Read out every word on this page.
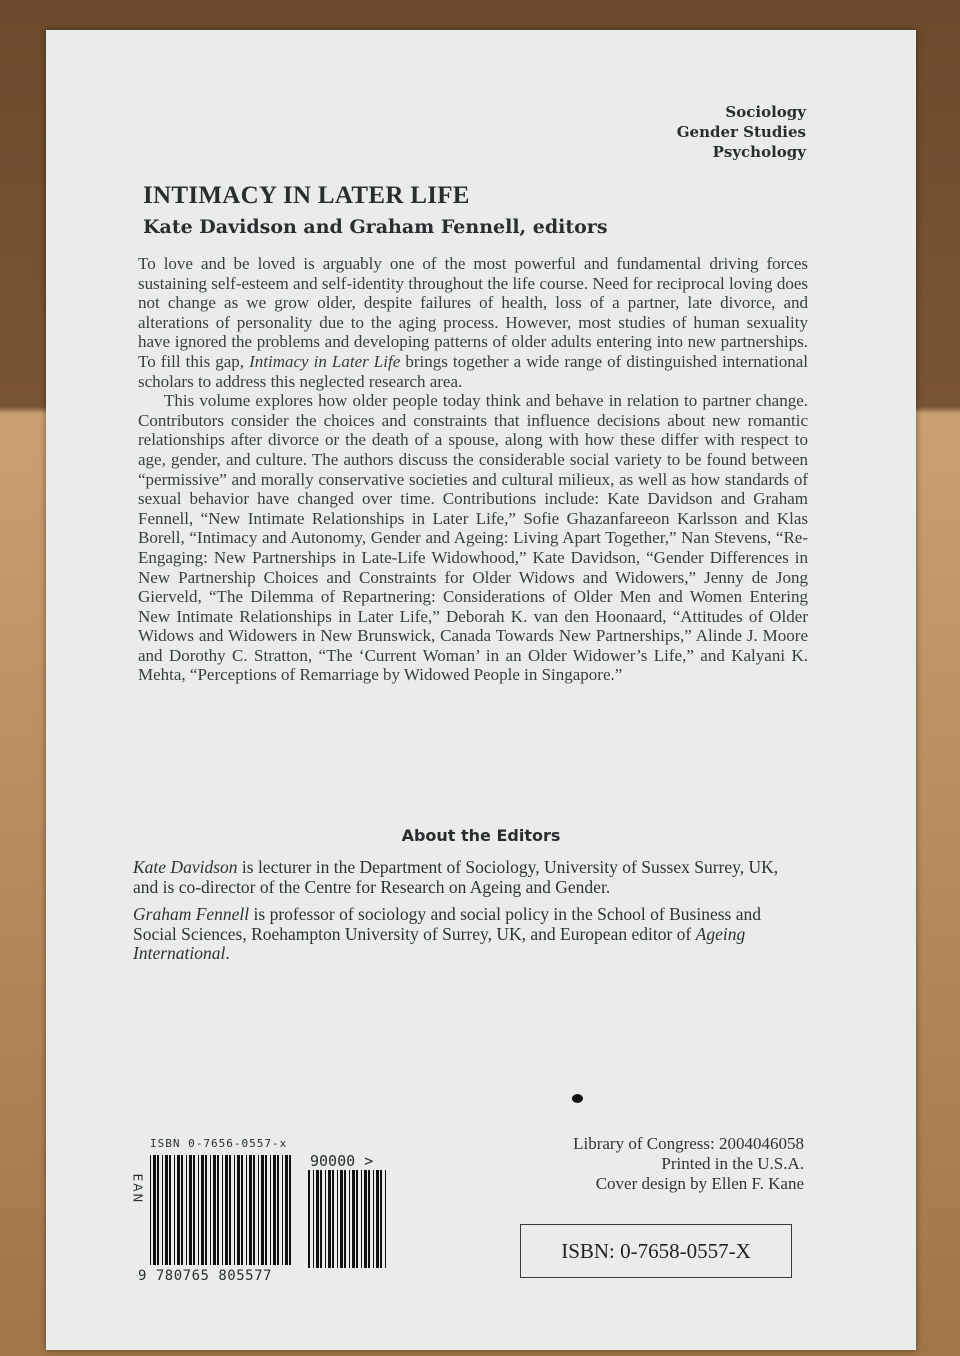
Sociology
Gender Studies
Psychology
INTIMACY IN LATER LIFE
Kate Davidson and Graham Fennell, editors

To love and be loved is arguably one of the most powerful and fundamental driving forces sustaining self-esteem and self-identity throughout the life course. Need for reciprocal loving does not change as we grow older, despite failures of health, loss of a partner, late divorce, and alterations of personality due to the aging process. However, most studies of human sexuality have ignored the problems and developing patterns of older adults entering into new partnerships. To fill this gap, Intimacy in Later Life brings together a wide range of distinguished international scholars to address this neglected research area.

This volume explores how older people today think and behave in relation to partner change. Contributors consider the choices and constraints that influence decisions about new romantic relationships after divorce or the death of a spouse, along with how these differ with respect to age, gender, and culture. The authors discuss the considerable social variety to be found between “permissive” and morally conservative societies and cultural milieux, as well as how standards of sexual behavior have changed over time. Contributions include: Kate Davidson and Graham Fennell, “New Intimate Relationships in Later Life,” Sofie Ghazanfareeon Karlsson and Klas Borell, “Intimacy and Autonomy, Gender and Ageing: Living Apart Together,” Nan Stevens, “Re-Engaging: New Partnerships in Late-Life Widowhood,” Kate Davidson, “Gender Differences in New Partnership Choices and Constraints for Older Widows and Widowers,” Jenny de Jong Gierveld, “The Dilemma of Repartnering: Considerations of Older Men and Women Entering New Intimate Relationships in Later Life,” Deborah K. van den Hoonaard, “Attitudes of Older Widows and Widowers in New Brunswick, Canada Towards New Partnerships,” Alinde J. Moore and Dorothy C. Stratton, “The ‘Current Woman’ in an Older Widower’s Life,” and Kalyani K. Mehta, “Perceptions of Remarriage by Widowed People in Singapore.”

About the Editors

Kate Davidson is lecturer in the Department of Sociology, University of Sussex Surrey, UK, and is co-director of the Centre for Research on Ageing and Gender.

Graham Fennell is professor of sociology and social policy in the School of Business and Social Sciences, Roehampton University of Surrey, UK, and European editor of Ageing International.

ISBN 0-7656-0557-x
EAN
9 780765 805577
90000 >
Library of Congress: 2004046058
Printed in the U.S.A.
Cover design by Ellen F. Kane
ISBN: 0-7658-0557-X
